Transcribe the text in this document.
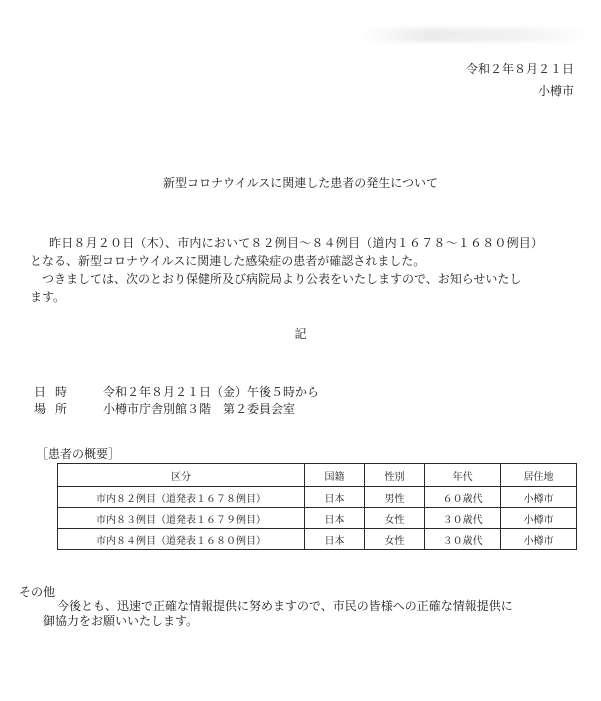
令和２年８月２１日
小樽市
新型コロナウイルスに関連した患者の発生について
昨日８月２０日（木）、市内において８２例目～８４例目（道内１６７８～１６８０例目）
となる、新型コロナウイルスに関連した感染症の患者が確認されました。
つきましては、次のとおり保健所及び病院局より公表をいたしますので、お知らせいたし
ます。
記
日時 令和２年８月２１日（金）午後５時から
場所 小樽市庁舎別館３階　第２委員会室
［患者の概要］
区分	国籍	性別	年代	居住地
市内８２例目（道発表１６７８例目）	日本	男性	６０歳代	小樽市
市内８３例目（道発表１６７９例目）	日本	女性	３０歳代	小樽市
市内８４例目（道発表１６８０例目）	日本	女性	３０歳代	小樽市
その他
今後とも、迅速で正確な情報提供に努めますので、市民の皆様への正確な情報提供に
御協力をお願いいたします。
